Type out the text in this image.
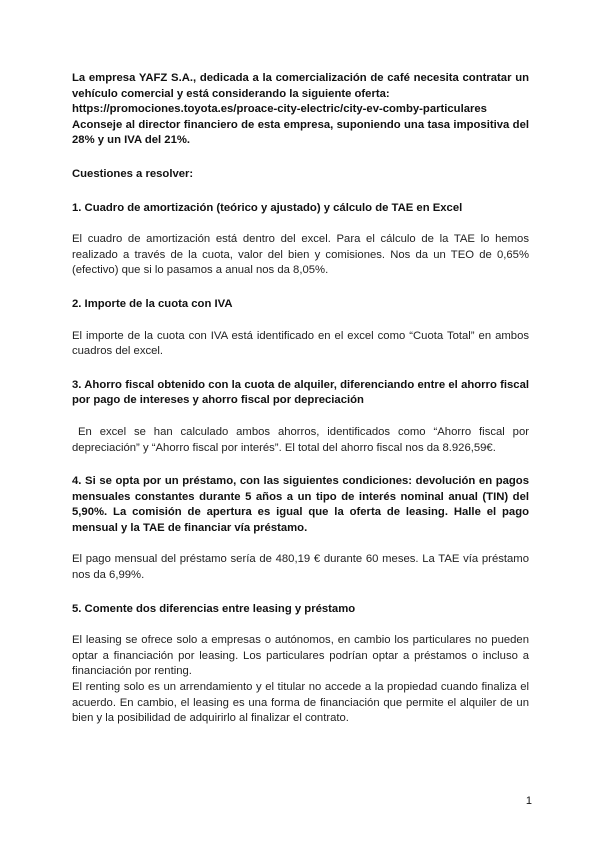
La empresa YAFZ S.A., dedicada a la comercialización de café necesita contratar un vehículo comercial y está considerando la siguiente oferta:

https://promociones.toyota.es/proace-city-electric/city-ev-comby-particulares

Aconseje al director financiero de esta empresa, suponiendo una tasa impositiva del 28% y un IVA del 21%.

Cuestiones a resolver:

1. Cuadro de amortización (teórico y ajustado) y cálculo de TAE en Excel

El cuadro de amortización está dentro del excel. Para el cálculo de la TAE lo hemos realizado a través de la cuota, valor del bien y comisiones. Nos da un TEO de 0,65% (efectivo) que si lo pasamos a anual nos da 8,05%.

2. Importe de la cuota con IVA

El importe de la cuota con IVA está identificado en el excel como “Cuota Total” en ambos cuadros del excel.

3. Ahorro fiscal obtenido con la cuota de alquiler, diferenciando entre el ahorro fiscal por pago de intereses y ahorro fiscal por depreciación

En excel se han calculado ambos ahorros, identificados como “Ahorro fiscal por depreciación” y “Ahorro fiscal por interés”. El total del ahorro fiscal nos da 8.926,59€.

4. Si se opta por un préstamo, con las siguientes condiciones: devolución en pagos mensuales constantes durante 5 años a un tipo de interés nominal anual (TIN) del 5,90%. La comisión de apertura es igual que la oferta de leasing. Halle el pago mensual y la TAE de financiar vía préstamo.

El pago mensual del préstamo sería de 480,19 € durante 60 meses. La TAE vía préstamo nos da 6,99%.

5. Comente dos diferencias entre leasing y préstamo

El leasing se ofrece solo a empresas o autónomos, en cambio los particulares no pueden optar a financiación por leasing. Los particulares podrían optar a préstamos o incluso a financiación por renting.

El renting solo es un arrendamiento y el titular no accede a la propiedad cuando finaliza el acuerdo. En cambio, el leasing es una forma de financiación que permite el alquiler de un bien y la posibilidad de adquirirlo al finalizar el contrato.

1
